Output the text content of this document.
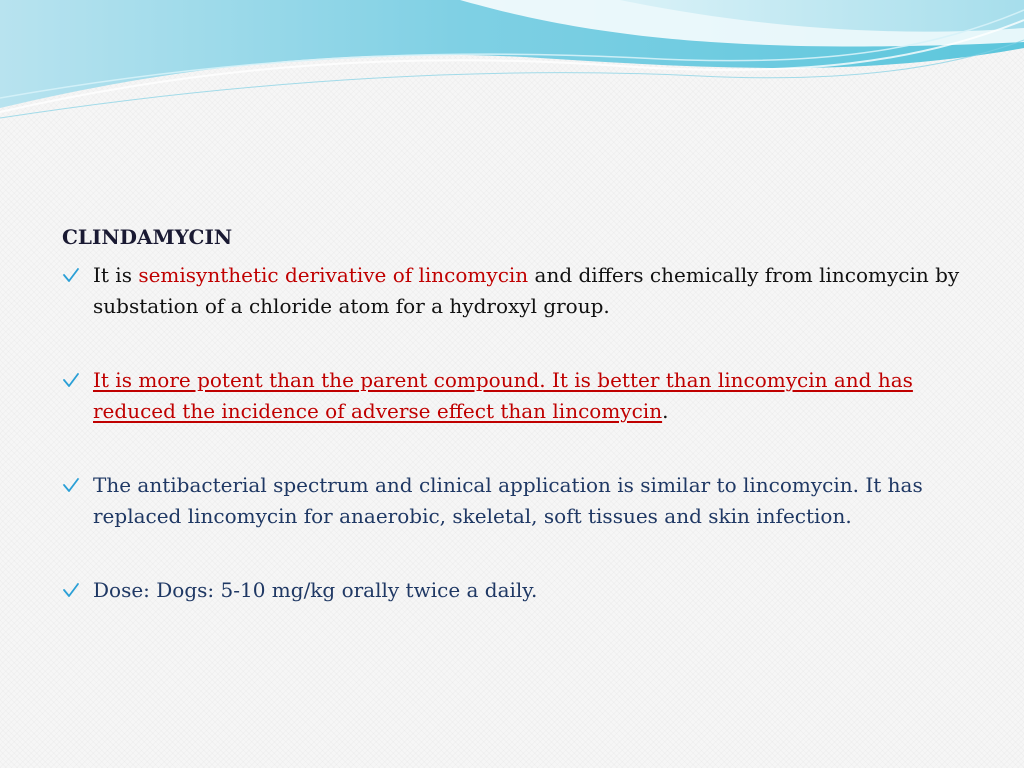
CLINDAMYCIN
It is semisynthetic derivative of lincomycin and differs chemically from lincomycin by substation of a chloride atom for a hydroxyl group.
It is more potent than the parent compound. It is better than lincomycin and has reduced the incidence of adverse effect than lincomycin.
The antibacterial spectrum and clinical application is similar to lincomycin. It has replaced lincomycin for anaerobic, skeletal, soft tissues and skin infection.
Dose: Dogs: 5-10 mg/kg orally twice a daily.
